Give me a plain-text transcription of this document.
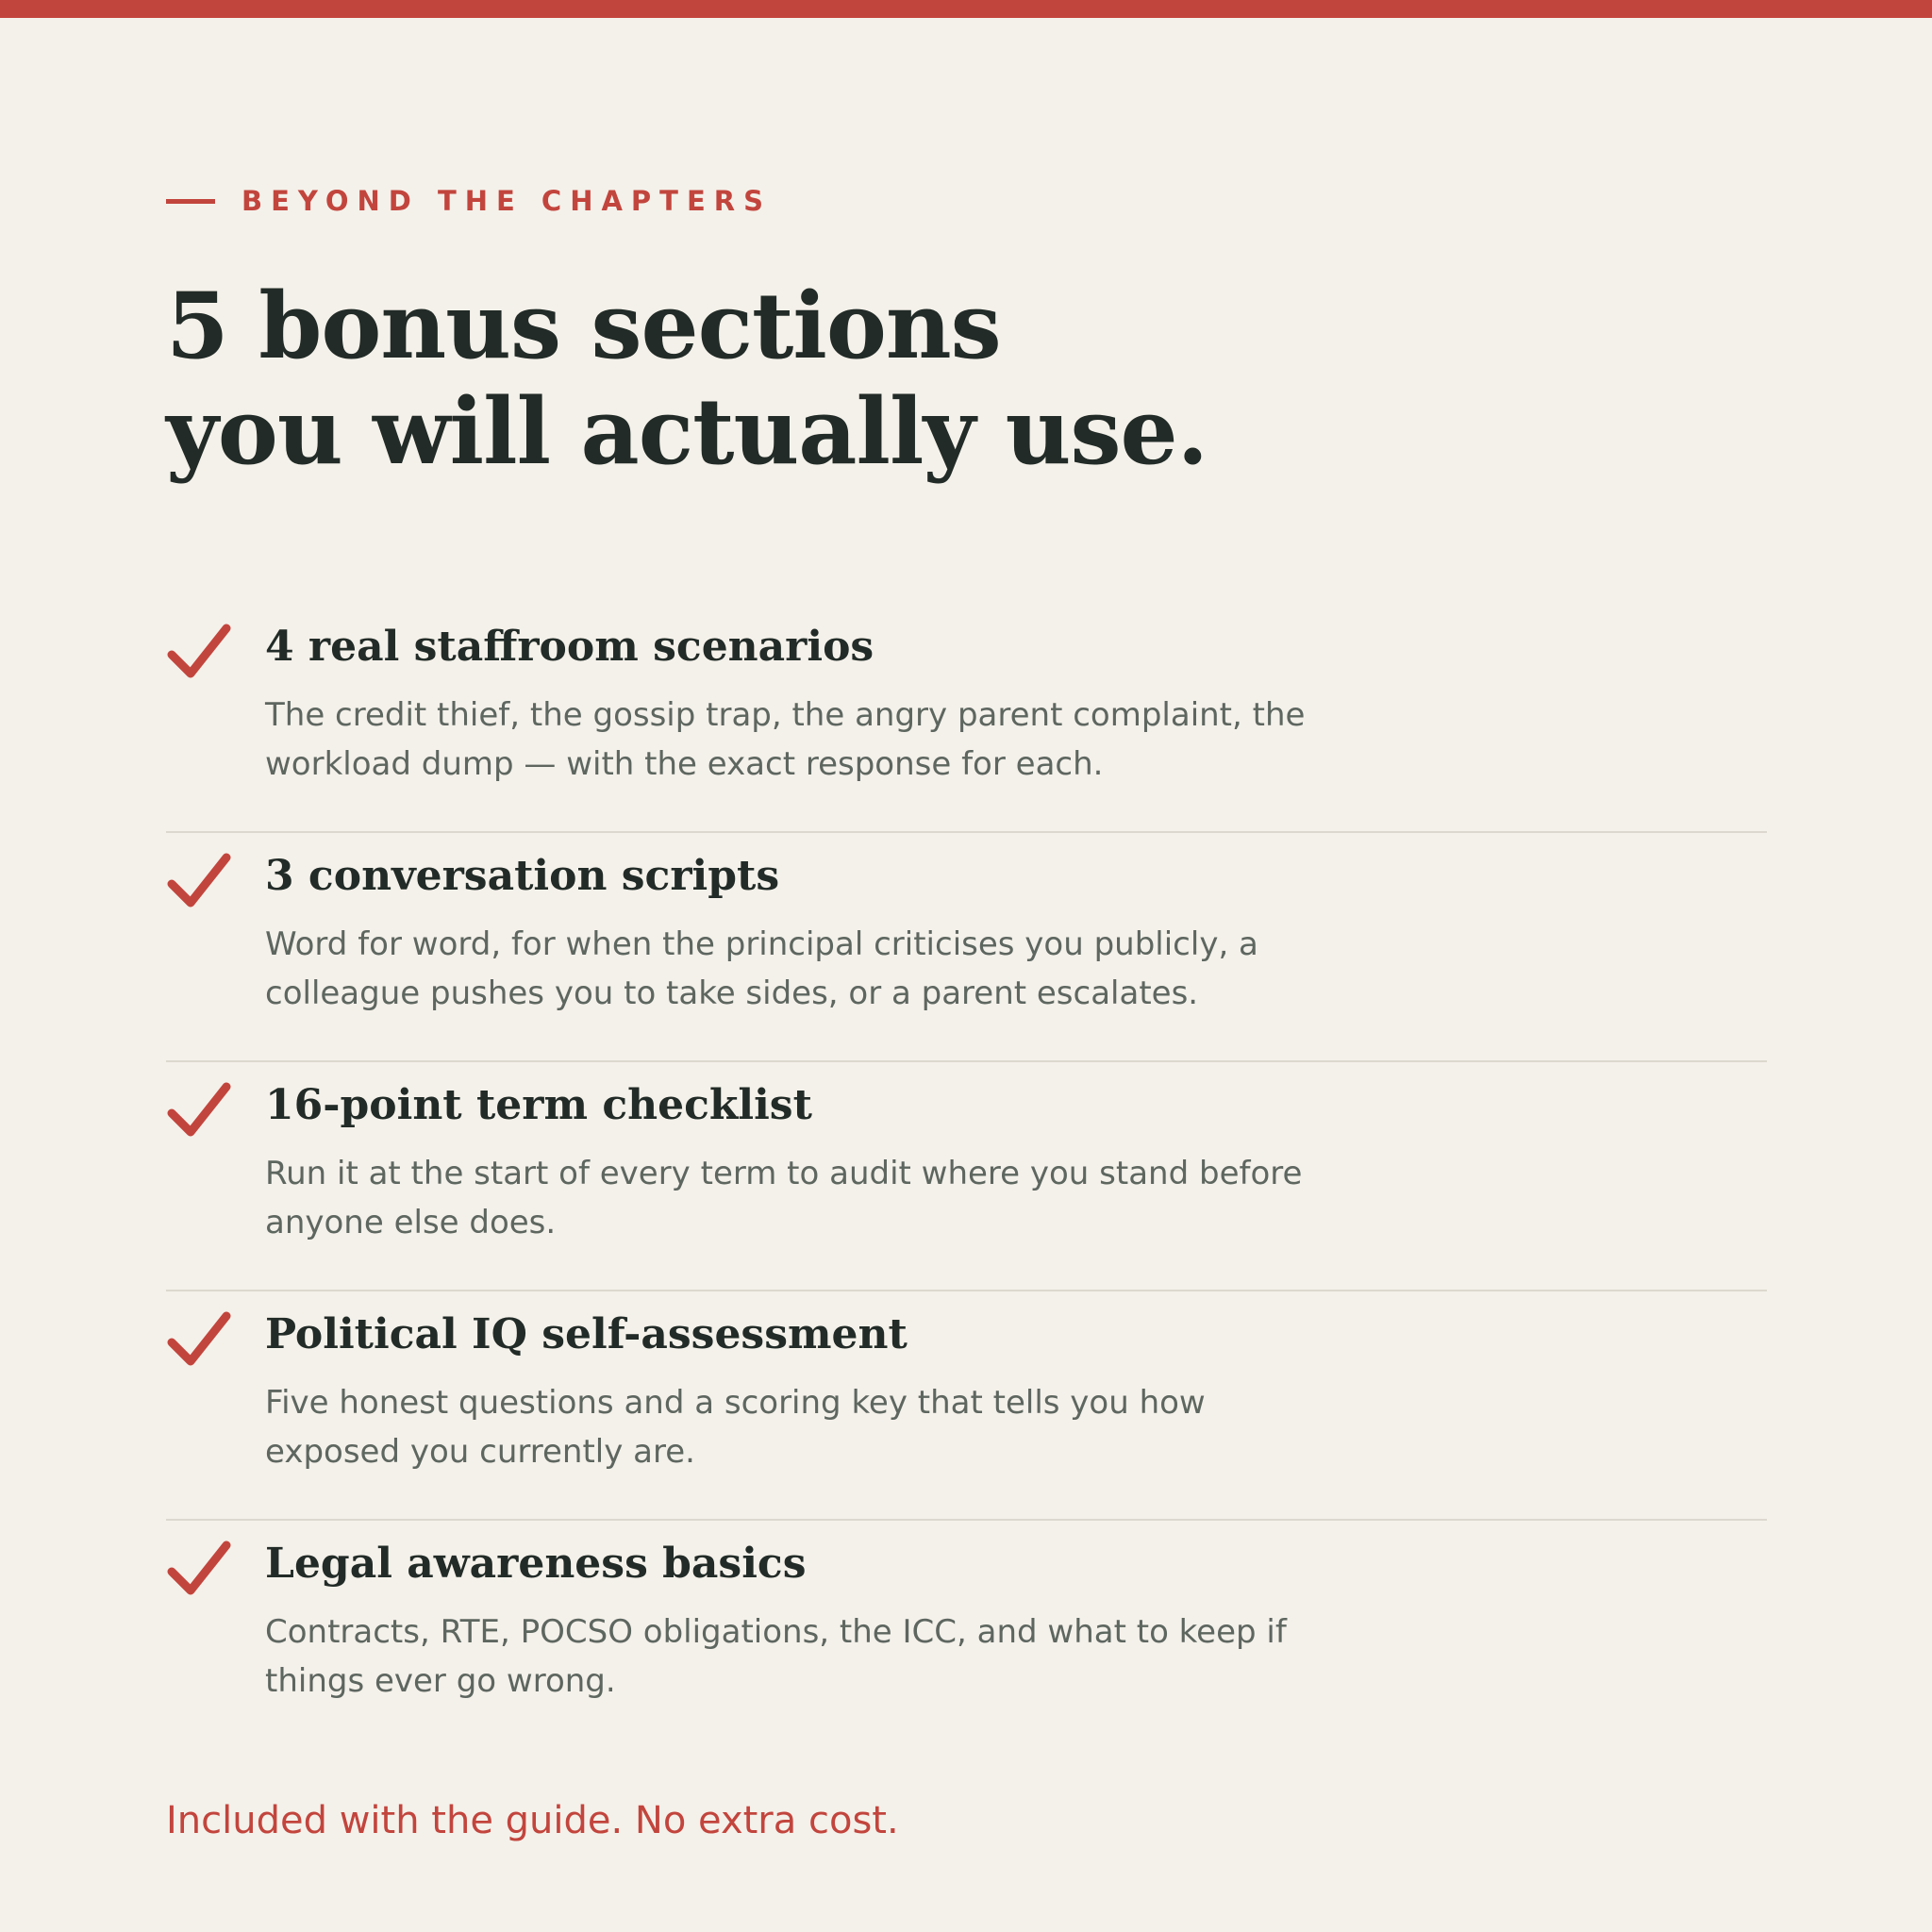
BEYOND THE CHAPTERS
5 bonus sections
you will actually use.
4 real staffroom scenarios

The credit thief, the gossip trap, the angry parent complaint, the workload dump — with the exact response for each.

3 conversation scripts

Word for word, for when the principal criticises you publicly, a colleague pushes you to take sides, or a parent escalates.

16-point term checklist

Run it at the start of every term to audit where you stand before anyone else does.

Political IQ self-assessment

Five honest questions and a scoring key that tells you how exposed you currently are.

Legal awareness basics

Contracts, RTE, POCSO obligations, the ICC, and what to keep if things ever go wrong.

Included with the guide. No extra cost.
